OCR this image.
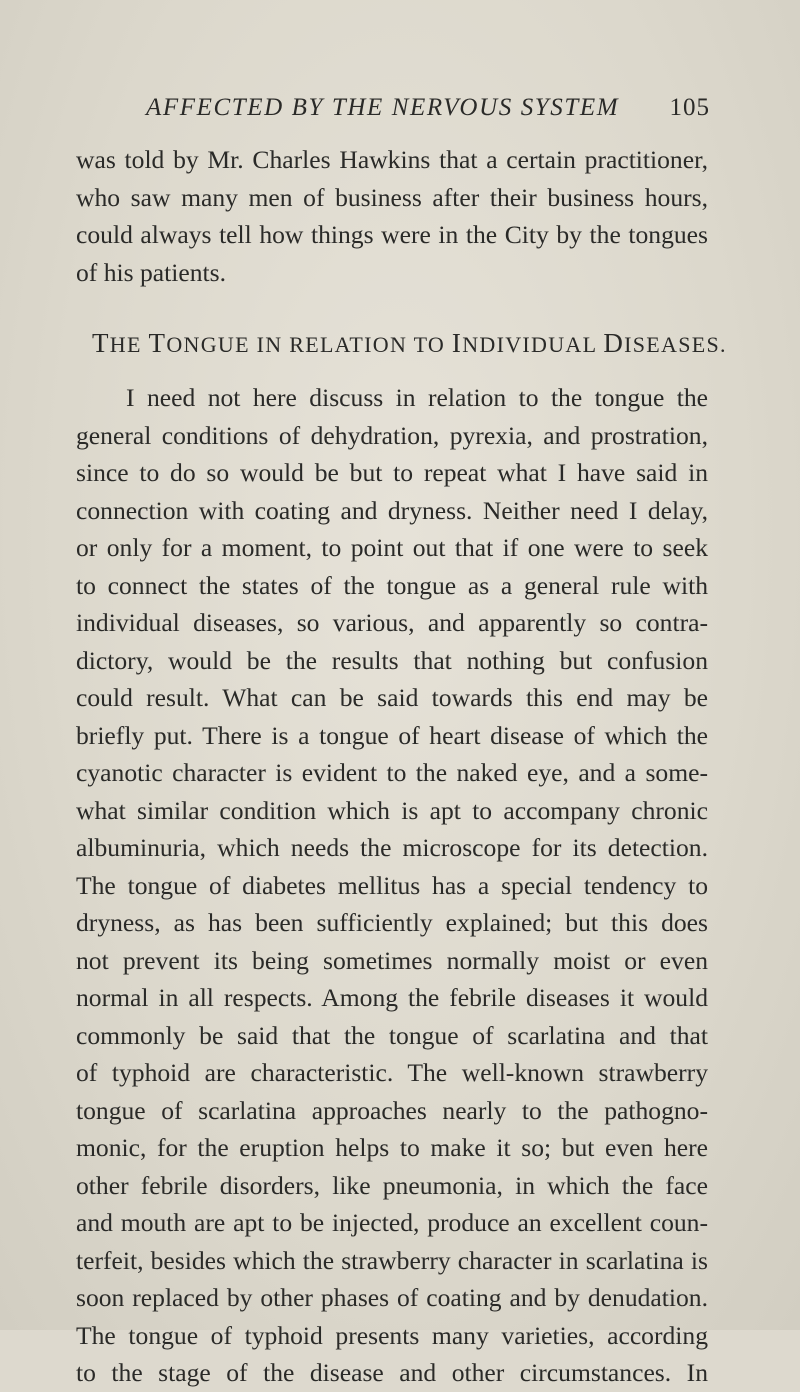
AFFECTED BY THE NERVOUS SYSTEM 105
was told by Mr. Charles Hawkins that a certain practitioner,
who saw many men of business after their business hours,
could always tell how things were in the City by the tongues
of his patients.
THE TONGUE IN RELATION TO INDIVIDUAL DISEASES.
I need not here discuss in relation to the tongue the
general conditions of dehydration, pyrexia, and prostration,
since to do so would be but to repeat what I have said in
connection with coating and dryness. Neither need I delay,
or only for a moment, to point out that if one were to seek
to connect the states of the tongue as a general rule with
individual diseases, so various, and apparently so contra-
dictory, would be the results that nothing but confusion
could result. What can be said towards this end may be
briefly put. There is a tongue of heart disease of which the
cyanotic character is evident to the naked eye, and a some-
what similar condition which is apt to accompany chronic
albuminuria, which needs the microscope for its detection.
The tongue of diabetes mellitus has a special tendency to
dryness, as has been sufficiently explained; but this does
not prevent its being sometimes normally moist or even
normal in all respects. Among the febrile diseases it would
commonly be said that the tongue of scarlatina and that
of typhoid are characteristic. The well-known strawberry
tongue of scarlatina approaches nearly to the pathogno-
monic, for the eruption helps to make it so; but even here
other febrile disorders, like pneumonia, in which the face
and mouth are apt to be injected, produce an excellent coun-
terfeit, besides which the strawberry character in scarlatina is
soon replaced by other phases of coating and by denudation.
The tongue of typhoid presents many varieties, according
to the stage of the disease and other circumstances. In
